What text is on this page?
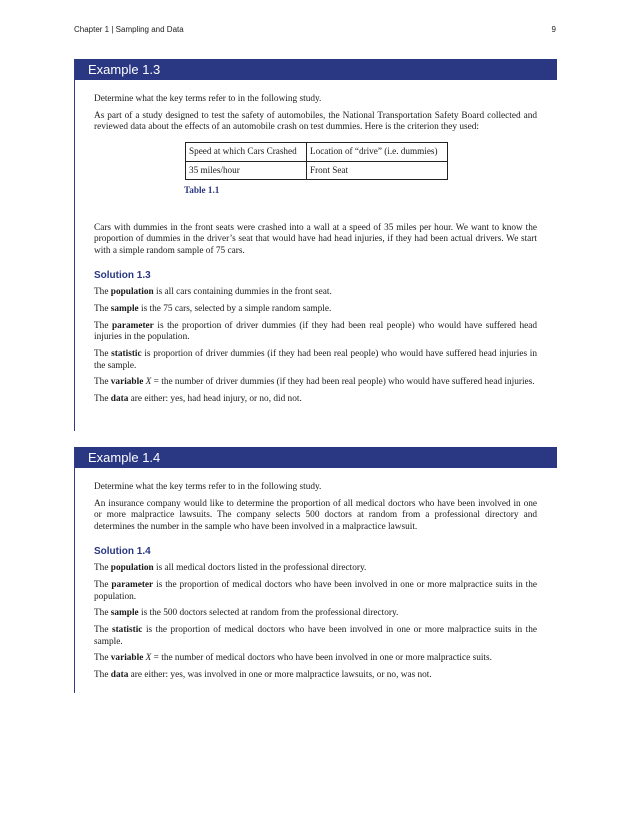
Chapter 1 | Sampling and Data	9
Example 1.3

Determine what the key terms refer to in the following study.

As part of a study designed to test the safety of automobiles, the National Transportation Safety Board collected and reviewed data about the effects of an automobile crash on test dummies. Here is the criterion they used:

Speed at which Cars Crashed	Location of “drive” (i.e. dummies)
35 miles/hour	Front Seat
Table 1.1

Cars with dummies in the front seats were crashed into a wall at a speed of 35 miles per hour. We want to know the proportion of dummies in the driver’s seat that would have had head injuries, if they had been actual drivers. We start with a simple random sample of 75 cars.

Solution 1.3

The population is all cars containing dummies in the front seat.

The sample is the 75 cars, selected by a simple random sample.

The parameter is the proportion of driver dummies (if they had been real people) who would have suffered head injuries in the population.

The statistic is proportion of driver dummies (if they had been real people) who would have suffered head injuries in the sample.

The variable X = the number of driver dummies (if they had been real people) who would have suffered head injuries.

The data are either: yes, had head injury, or no, did not.

Example 1.4

Determine what the key terms refer to in the following study.

An insurance company would like to determine the proportion of all medical doctors who have been involved in one or more malpractice lawsuits. The company selects 500 doctors at random from a professional directory and determines the number in the sample who have been involved in a malpractice lawsuit.

Solution 1.4

The population is all medical doctors listed in the professional directory.

The parameter is the proportion of medical doctors who have been involved in one or more malpractice suits in the population.

The sample is the 500 doctors selected at random from the professional directory.

The statistic is the proportion of medical doctors who have been involved in one or more malpractice suits in the sample.

The variable X = the number of medical doctors who have been involved in one or more malpractice suits.

The data are either: yes, was involved in one or more malpractice lawsuits, or no, was not.
